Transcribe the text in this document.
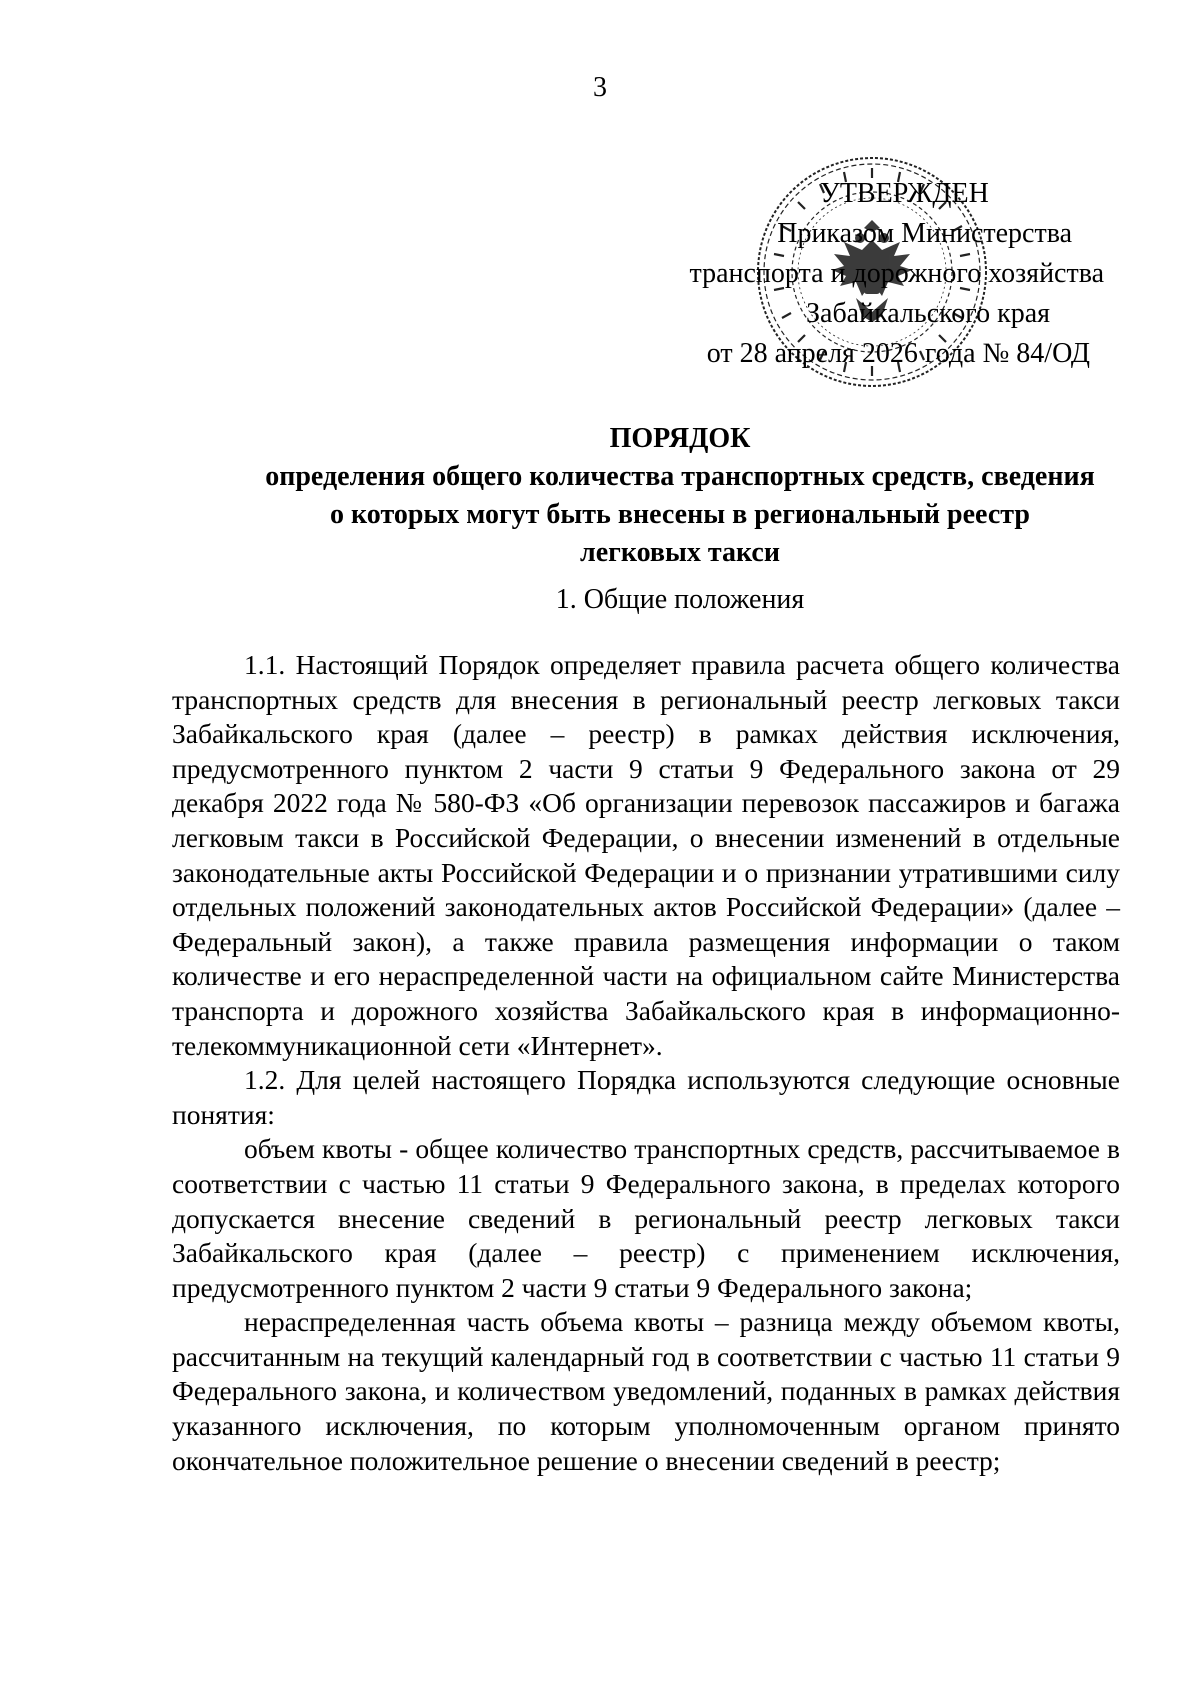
3
УТВЕРЖДЕН
Приказом Министерства
транспорта и дорожного хозяйства
Забайкальского края
от 28 апреля 2026 года № 84/ОД
ПОРЯДОК
определения общего количества транспортных средств, сведения
о которых могут быть внесены в региональный реестр
легковых такси
1. Общие положения

1.1. Настоящий Порядок определяет правила расчета общего количества транспортных средств для внесения в региональный реестр легковых такси Забайкальского края (далее – реестр) в рамках действия исключения, предусмотренного пунктом 2 части 9 статьи 9 Федерального закона от 29 декабря 2022 года № 580-ФЗ «Об организации перевозок пассажиров и багажа легковым такси в Российской Федерации, о внесении изменений в отдельные законодательные акты Российской Федерации и о признании утратившими силу отдельных положений законодательных актов Российской Федерации» (далее – Федеральный закон), а также правила размещения информации о таком количестве и его нераспределенной части на официальном сайте Министерства транспорта и дорожного хозяйства Забайкальского края в информационно-телекоммуникационной сети «Интернет».

1.2. Для целей настоящего Порядка используются следующие основные понятия:

объем квоты - общее количество транспортных средств, рассчитываемое в соответствии с частью 11 статьи 9 Федерального закона, в пределах которого допускается внесение сведений в региональный реестр легковых такси Забайкальского края (далее – реестр) с применением исключения, предусмотренного пунктом 2 части 9 статьи 9 Федерального закона;

нераспределенная часть объема квоты – разница между объемом квоты, рассчитанным на текущий календарный год в соответствии с частью 11 статьи 9 Федерального закона, и количеством уведомлений, поданных в рамках действия указанного исключения, по которым уполномоченным органом принято окончательное положительное решение о внесении сведений в реестр;
